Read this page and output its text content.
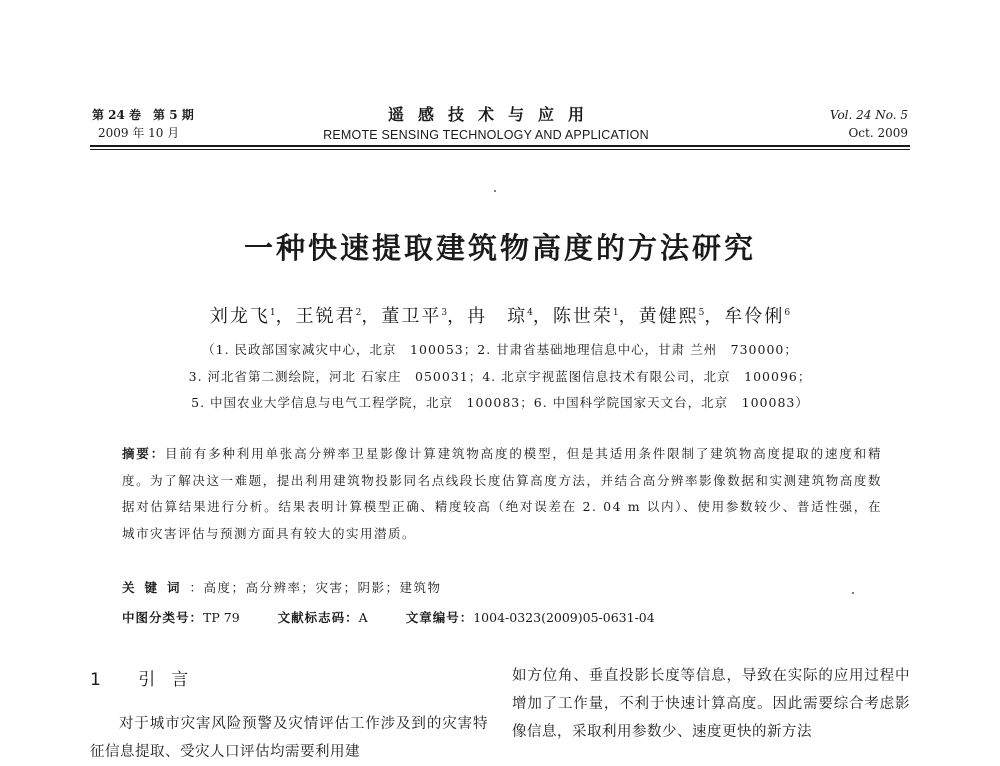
第 24 卷　第 5 期
2009 年 10 月
遥感技术与应用
REMOTE SENSING TECHNOLOGY AND APPLICATION
Vol. 24 No. 5
Oct. 2009
一种快速提取建筑物高度的方法研究
刘龙飞$^1$，王锐君$^2$，董卫平$^3$，冉　琼$^4$，陈世荣$^1$，黄健熙$^5$，牟伶俐$^6$
（1. 民政部国家减灾中心，北京　100053；2. 甘肃省基础地理信息中心，甘肃 兰州　730000；
3. 河北省第二测绘院，河北 石家庄　050031；4. 北京宇视蓝图信息技术有限公司，北京　100096；
5. 中国农业大学信息与电气工程学院，北京　100083；6. 中国科学院国家天文台，北京　100083）
摘要：目前有多种利用单张高分辨率卫星影像计算建筑物高度的模型，但是其适用条件限制了建筑物高度提取的速度和精度。为了解决这一难题，提出利用建筑物投影同名点线段长度估算高度方法，并结合高分辨率影像数据和实测建筑物高度数据对估算结果进行分析。结果表明计算模型正确、精度较高（绝对误差在 2. 04 m 以内）、使用参数较少、普适性强，在城市灾害评估与预测方面具有较大的实用潜质。
关键词：高度；高分辨率；灾害；阴影；建筑物
中图分类号：TP 79	文献标志码：A	文章编号：1004-0323(2009)05-0631-04
1 引言
对于城市灾害风险预警及灾情评估工作涉及到的灾害特征信息提取、受灾人口评估均需要利用建
如方位角、垂直投影长度等信息，导致在实际的应用过程中增加了工作量，不利于快速计算高度。因此需要综合考虑影像信息，采取利用参数少、速度更快的新方法
